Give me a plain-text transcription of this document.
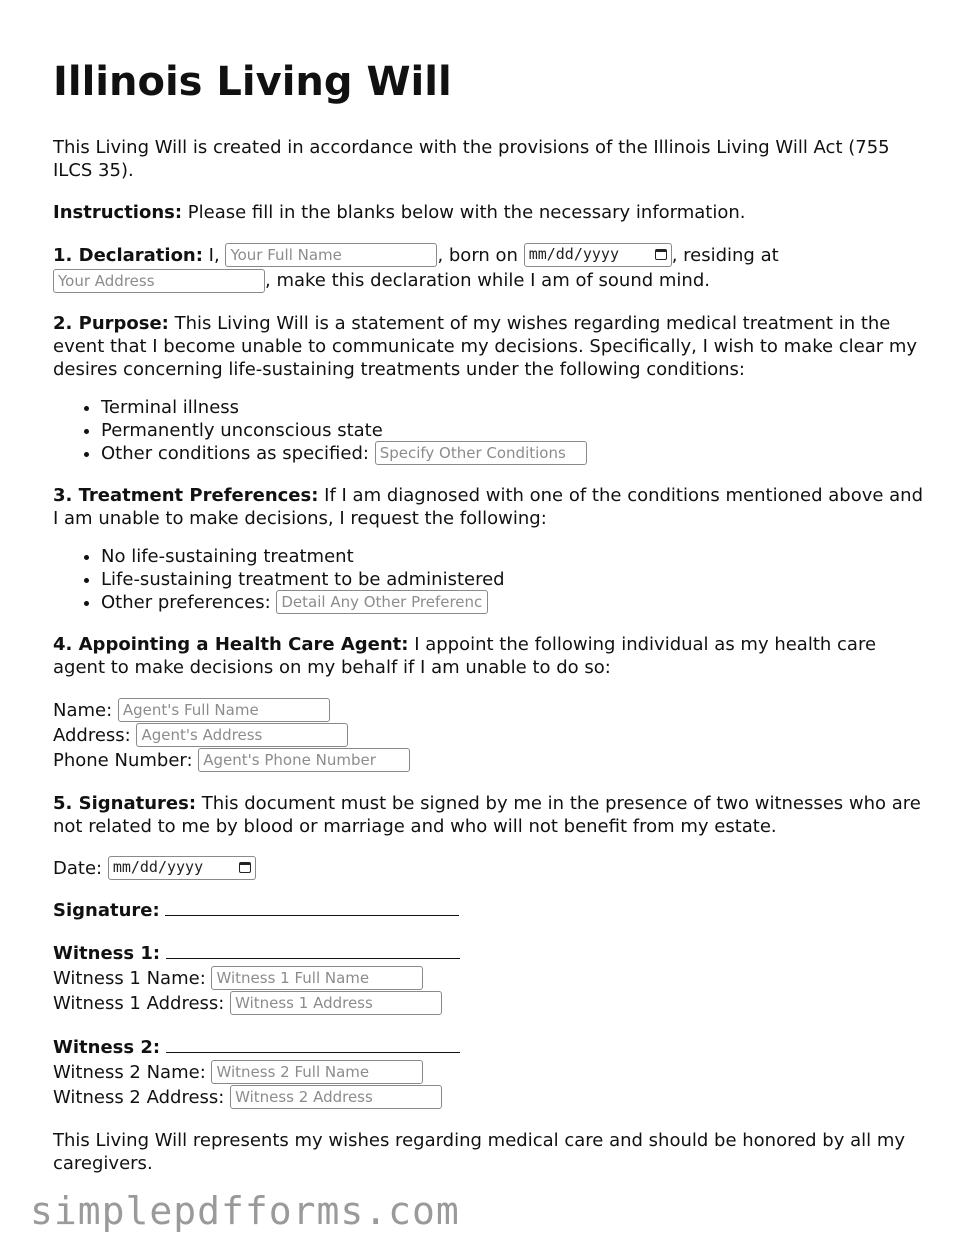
Illinois Living Will

This Living Will is created in accordance with the provisions of the Illinois Living Will Act (755 ILCS 35).

Instructions: Please fill in the blanks below with the necessary information.

1. Declaration: I, Your Full Name	, born on mm/dd/yyyy	, residing at
Your Address, make this declaration while I am of sound mind.

2. Purpose: This Living Will is a statement of my wishes regarding medical treatment in the event that I become unable to communicate my decisions. Specifically, I wish to make clear my desires concerning life-sustaining treatments under the following conditions:

• Terminal illness
• Permanently unconscious state
• Other conditions as specified: Specify Other Conditions

3. Treatment Preferences: If I am diagnosed with one of the conditions mentioned above and I am unable to make decisions, I request the following:

• No life-sustaining treatment
• Life-sustaining treatment to be administered
• Other preferences: Detail Any Other Preferences

4. Appointing a Health Care Agent: I appoint the following individual as my health care agent to make decisions on my behalf if I am unable to do so:

Name: Agent's Full Name
Address: Agent's Address
Phone Number: Agent's Phone Number

5. Signatures: This document must be signed by me in the presence of two witnesses who are not related to me by blood or marriage and who will not benefit from my estate.

Date: mm/dd/yyyy

Signature:

Witness 1:
Witness 1 Name: Witness 1 Full Name
Witness 1 Address: Witness 1 Address
Witness 2:
Witness 2 Name: Witness 2 Full Name
Witness 2 Address: Witness 2 Address

This Living Will represents my wishes regarding medical care and should be honored by all my caregivers.

simplepdfforms.com
